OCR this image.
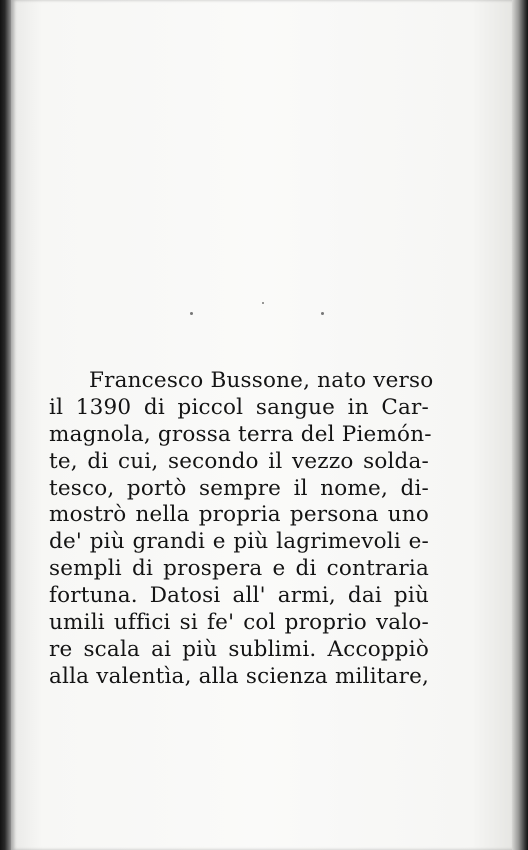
Francesco Bussone, nato verso
il 1390 di piccol sangue in Car-
magnola, grossa terra del Piemón-
te, di cui, secondo il vezzo solda-
tesco, portò sempre il nome, di-
mostrò nella propria persona uno
de' più grandi e più lagrimevoli e-
sempli di prospera e di contraria
fortuna. Datosi all' armi, dai più
umili uffici si fe' col proprio valo-
re scala ai più sublimi. Accoppiò
alla valentìa, alla scienza militare,
